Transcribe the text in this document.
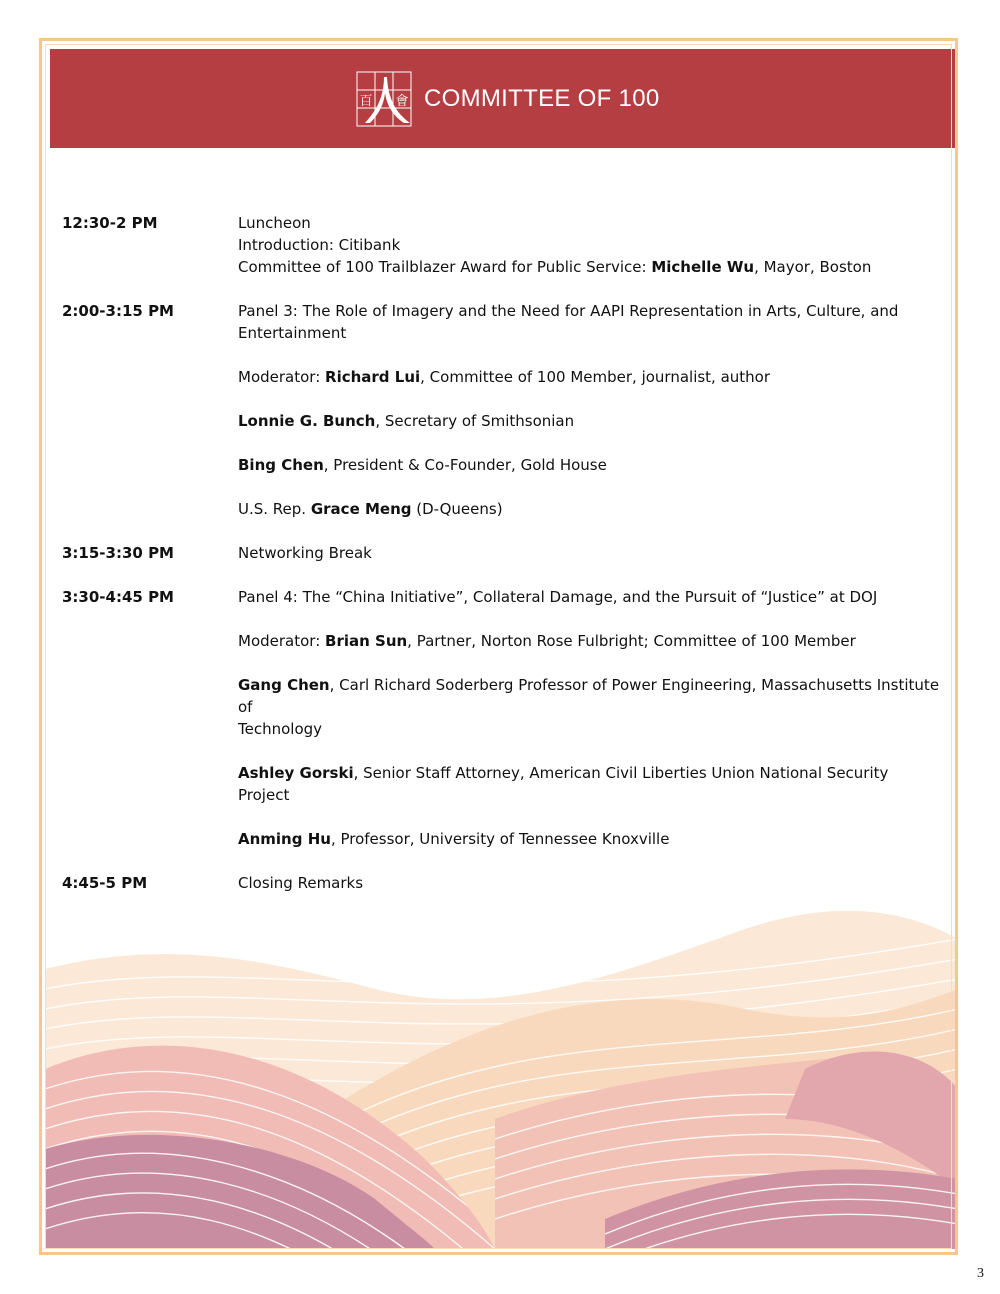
百 會 COMMITTEE OF 100
12:30-2 PM	Luncheon
Introduction: Citibank
Committee of 100 Trailblazer Award for Public Service: Michelle Wu, Mayor, Boston
2:00-3:15 PM	Panel 3: The Role of Imagery and the Need for AAPI Representation in Arts, Culture, and
Entertainment
Moderator: Richard Lui, Committee of 100 Member, journalist, author
Lonnie G. Bunch, Secretary of Smithsonian
Bing Chen, President & Co-Founder, Gold House
U.S. Rep. Grace Meng (D-Queens)
3:15-3:30 PM	Networking Break
3:30-4:45 PM	Panel 4: The “China Initiative”, Collateral Damage, and the Pursuit of “Justice” at DOJ
Moderator: Brian Sun, Partner, Norton Rose Fulbright; Committee of 100 Member
Gang Chen, Carl Richard Soderberg Professor of Power Engineering, Massachusetts Institute of
Technology
Ashley Gorski, Senior Staff Attorney, American Civil Liberties Union National Security Project
Anming Hu, Professor, University of Tennessee Knoxville
4:45-5 PM	Closing Remarks
3
